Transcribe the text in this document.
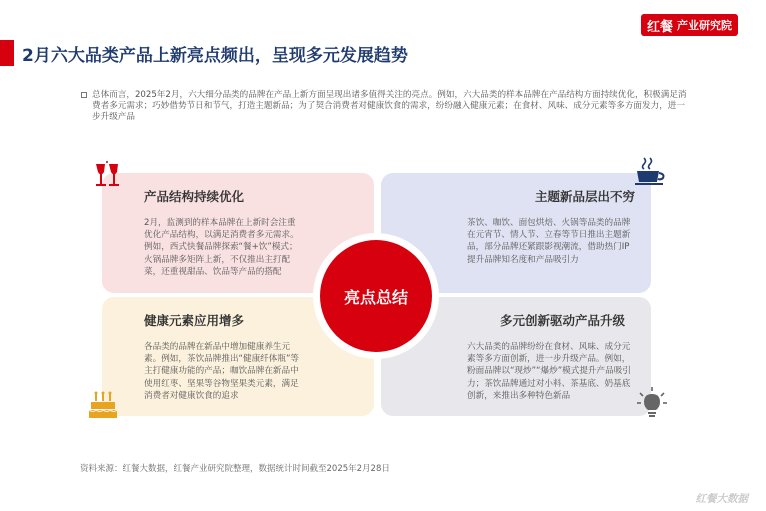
红餐 产业研究院
2月六大品类产品上新亮点频出，呈现多元发展趋势
总体而言，2025年2月，六大细分品类的品牌在产品上新方面呈现出诸多值得关注的亮点。例如，六大品类的样本品牌在产品结构方面持续优化，积极满足消费者多元需求；巧妙借势节日和节气，打造主题新品；为了契合消费者对健康饮食的需求，纷纷融入健康元素；在食材、风味、成分元素等多方面发力，进一步升级产品
产品结构持续优化
2月，监测到的样本品牌在上新时会注重优化产品结构，以满足消费者多元需求。例如，西式快餐品牌探索“餐+饮”模式；火锅品牌多矩阵上新，不仅推出主打配菜，还重视甜品、饮品等产品的搭配
主题新品层出不穷
茶饮、咖饮、面包烘焙、火锅等品类的品牌在元宵节、情人节、立春等节日推出主题新品，部分品牌还紧跟影视潮流，借助热门IP提升品牌知名度和产品吸引力
健康元素应用增多
各品类的品牌在新品中增加健康养生元素。例如，茶饮品牌推出“健康纤体瓶”等主打健康功能的产品；咖饮品牌在新品中使用红枣、坚果等谷物坚果类元素，满足消费者对健康饮食的追求
多元创新驱动产品升级
六大品类的品牌纷纷在食材、风味、成分元素等多方面创新，进一步升级产品。例如，粉面品牌以“现炒”“爆炒”模式提升产品吸引力；茶饮品牌通过对小料、茶基底、奶基底创新，来推出多种特色新品
亮点总结
资料来源：红餐大数据，红餐产业研究院整理，数据统计时间截至2025年2月28日
红餐大数据
